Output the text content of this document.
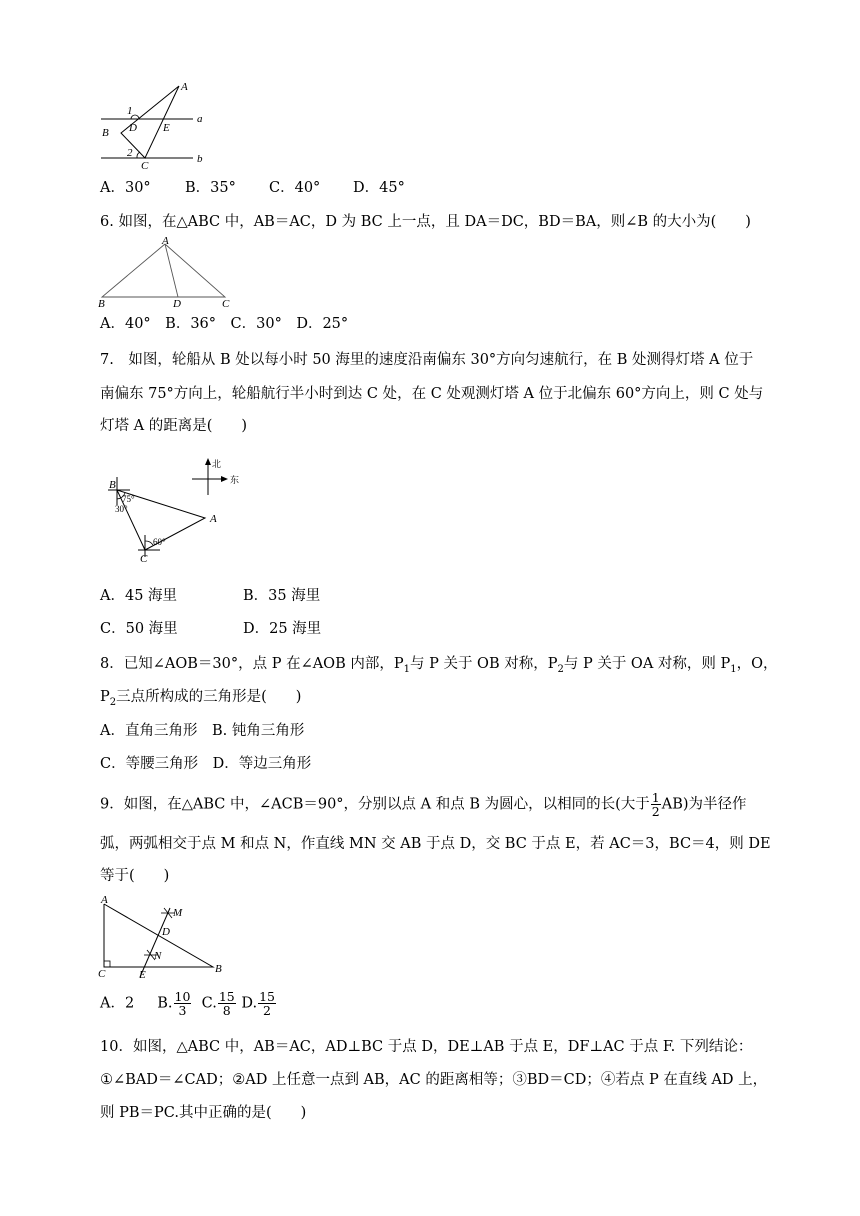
A
B
C
D E
1
2
a
b
A．30° B．35° C．40° D．45°
6. 如图，在△ABC 中，AB＝AC，D 为 BC 上一点，且 DA＝DC，BD＝BA，则∠B 的大小为(　　)
A
B	D	C
A．40°　B．36°　C．30°　D．25°
7.　如图，轮船从 B 处以每小时 50 海里的速度沿南偏东 30°方向匀速航行，在 B 处测得灯塔 A 位于
南偏东 75°方向上，轮船航行半小时到达 C 处，在 C 处观测灯塔 A 位于北偏东 60°方向上，则 C 处与
灯塔 A 的距离是(　　)
北
东
B
A
C
75°
30°
60°
A．45 海里	B．35 海里
C．50 海里	D．25 海里
8．已知∠AOB＝30°，点 P 在∠AOB 内部，$P_1$与 P 关于 OB 对称，$P_2$与 P 关于 OA 对称，则 $P_1$，O，
$P_2$三点所构成的三角形是(　　)
A．直角三角形　B. 钝角三角形
C．等腰三角形　D．等边三角形
9．如图，在△ABC 中，∠ACB＝90°，分别以点 A 和点 B 为圆心，以相同的长(大于 $\frac{1}{2} AB$)为半径作
弧，两弧相交于点 M 和点 N，作直线 MN 交 AB 于点 D，交 BC 于点 E，若 AC＝3，BC＝4，则 DE
等于(　　)
A
C	E	B
M
N
D
A．2 B. $\frac{10}{3} C$. $\frac{15}{8} D$. $\frac{15}{2}$
10．如图，△ABC 中，AB＝AC，AD⊥BC 于点 D，DE⊥AB 于点 E，DF⊥AC 于点 F. 下列结论：
①∠BAD＝∠CAD；②AD 上任意一点到 AB，AC 的距离相等；③BD＝CD；④若点 P 在直线 AD 上，
则 PB＝PC.其中正确的是(　　)
